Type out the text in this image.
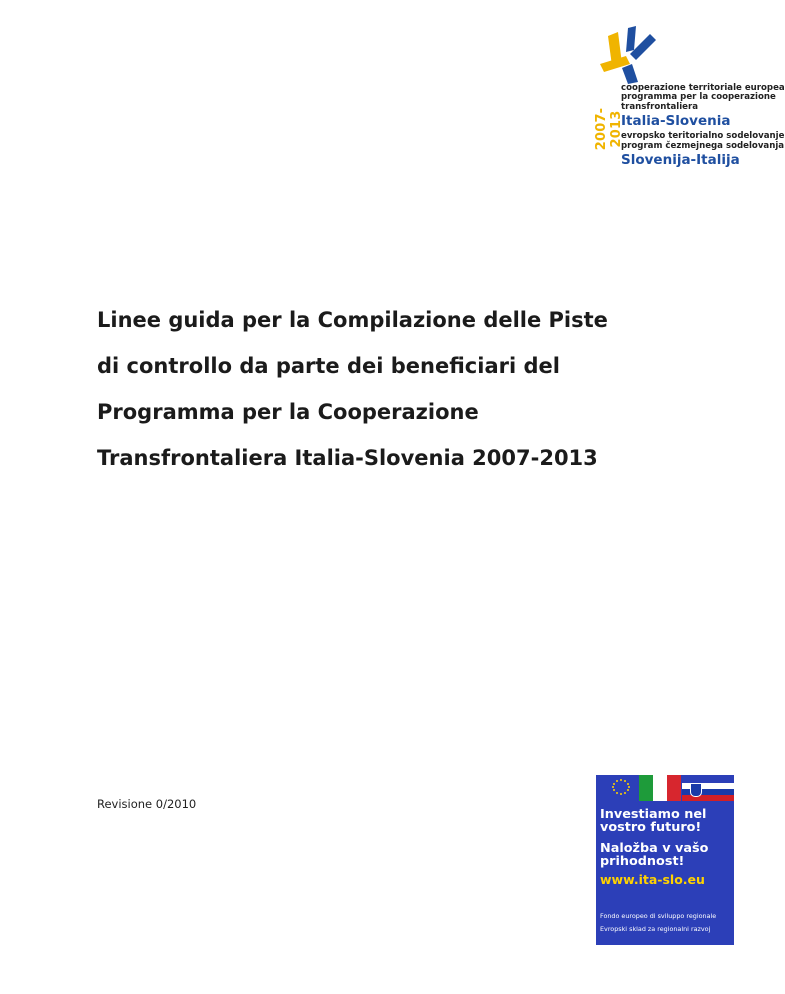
2007-2013
cooperazione territoriale europea
programma per la cooperazione
transfrontaliera
Italia-Slovenia
evropsko teritorialno sodelovanje
program čezmejnega sodelovanja
Slovenija-Italija
Linee guida per la Compilazione delle Piste
di controllo da parte dei beneficiari del
Programma per la Cooperazione
Transfrontaliera Italia-Slovenia 2007-2013
Revisione 0/2010
Investiamo nel
vostro futuro!
Naložba v vašo
prihodnost!
www.ita-slo.eu
Fondo europeo di sviluppo regionale
Evropski sklad za regionalni razvoj
